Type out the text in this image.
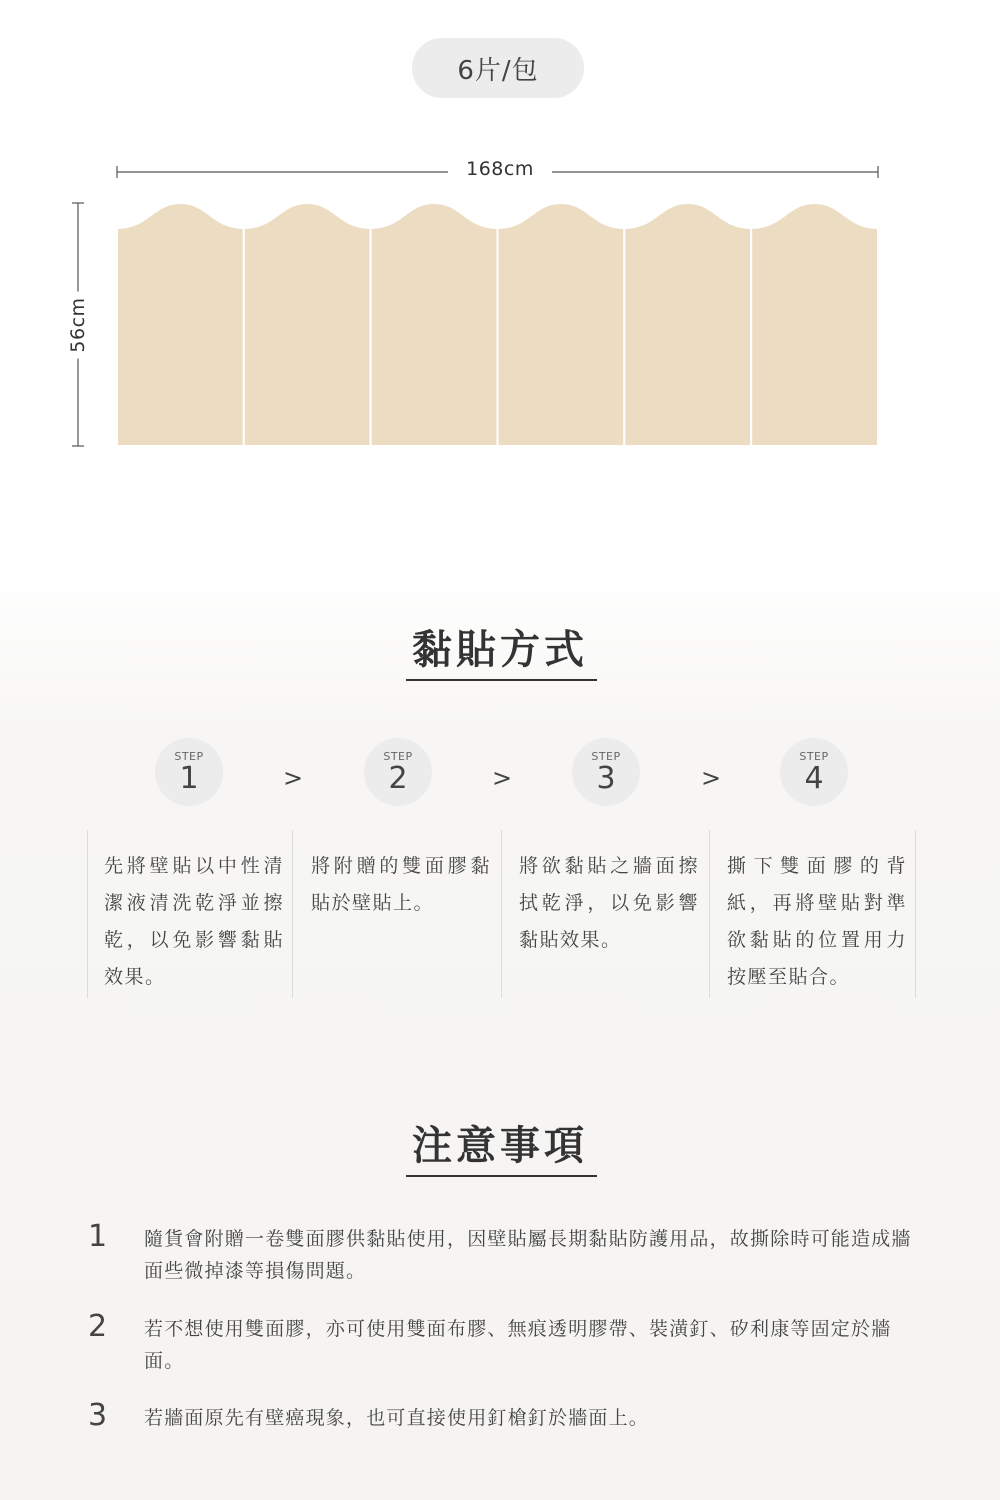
6片/包
168cm
56cm
黏貼方式
STEP
1	>
STEP
2	>
STEP
3	>
STEP
4
先將壁貼以中性清潔液清洗乾淨並擦乾，以免影響黏貼效果。
將附贈的雙面膠黏貼於壁貼上。
將欲黏貼之牆面擦拭乾淨，以免影響黏貼效果。
撕下雙面膠的背紙，再將壁貼對準欲黏貼的位置用力按壓至貼合。
注意事項
1 隨貨會附贈一卷雙面膠供黏貼使用，因壁貼屬長期黏貼防護用品，故撕除時可能造成牆面些微掉漆等損傷問題。
2 若不想使用雙面膠，亦可使用雙面布膠、無痕透明膠帶、裝潢釘、矽利康等固定於牆面。
3 若牆面原先有壁癌現象，也可直接使用釘槍釘於牆面上。
